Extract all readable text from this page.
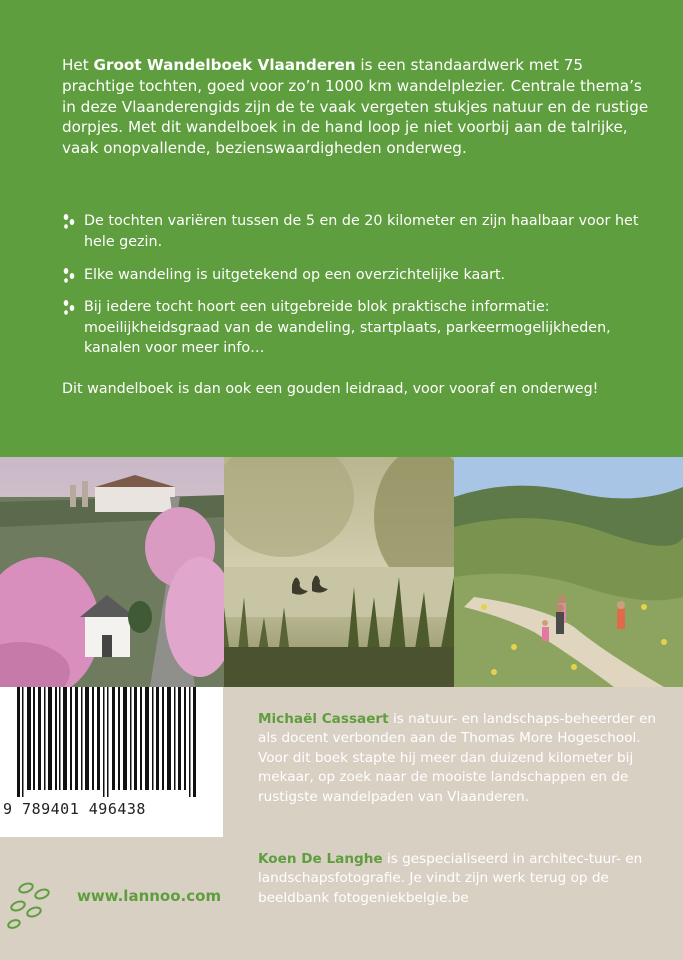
Het Groot Wandelboek Vlaanderen is een standaardwerk met 75 prachtige tochten, goed voor zo’n 1000 km wandelplezier. Centrale thema’s in deze Vlaanderengids zijn de te vaak vergeten stukjes natuur en de rustige dorpjes. Met dit wandelboek in de hand loop je niet voorbij aan de talrijke, vaak onopvallende, bezienswaardigheden onderweg.

De tochten variëren tussen de 5 en de 20 kilometer en zijn haalbaar voor het hele gezin.
Elke wandeling is uitgetekend op een overzichtelijke kaart.
Bij iedere tocht hoort een uitgebreide blok praktische informatie: moeilijkheidsgraad van de wandeling, startplaats, parkeermogelijkheden, kanalen voor meer info…

Dit wandelboek is dan ook een gouden leidraad, voor vooraf en onderweg!

9 789401 496438

Michaël Cassaert is natuur- en landschaps-beheerder en als docent verbonden aan de Thomas More Hogeschool. Voor dit boek stapte hij meer dan duizend kilometer bij mekaar, op zoek naar de mooiste landschappen en de rustigste wandelpaden van Vlaanderen.

Koen De Langhe is gespecialiseerd in architec-tuur- en landschapsfotografie. Je vindt zijn werk terug op de beeldbank fotogeniekbelgie.be

www.lannoo.com
